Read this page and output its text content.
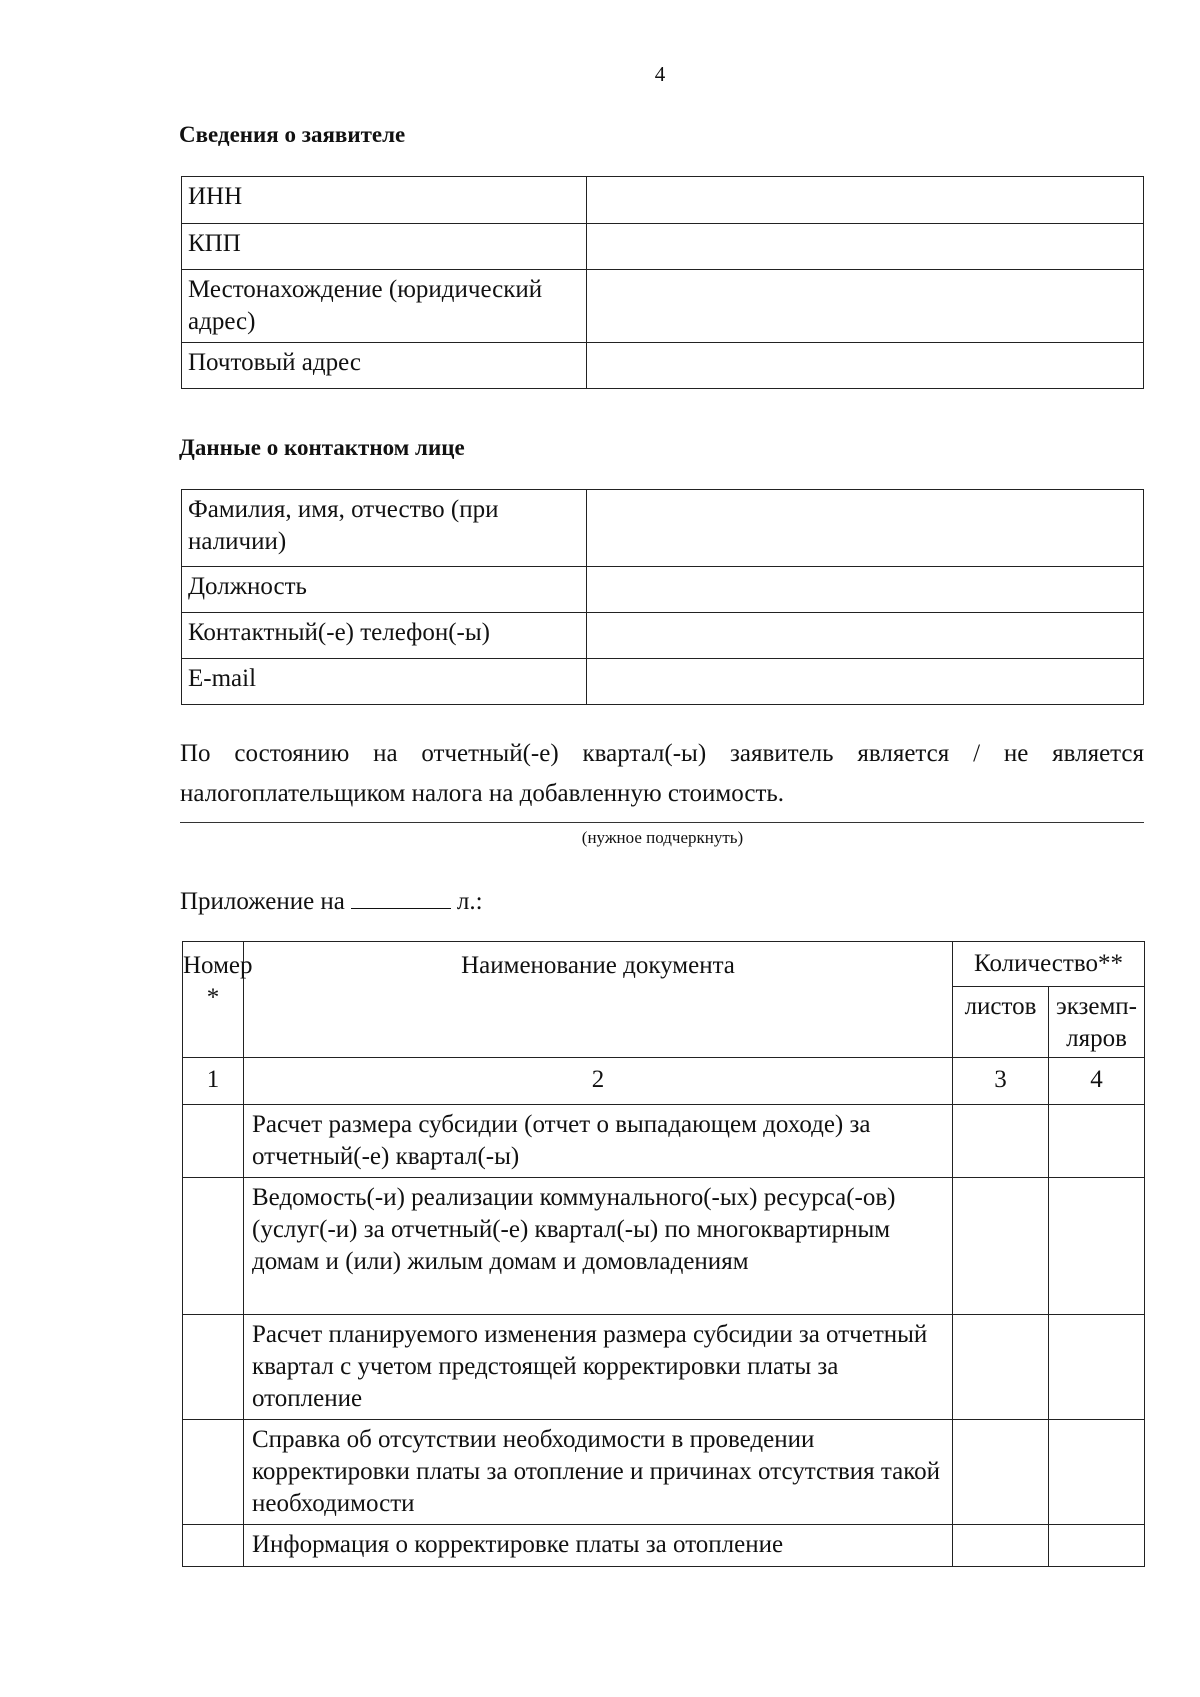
4
Сведения о заявителе
ИНН	
КПП	
Местонахождение (юридический адрес)	
Почтовый адрес	
Данные о контактном лице
Фамилия, имя, отчество (при наличии)	
Должность	
Контактный(-е) телефон(-ы)	
E-mail	
По состоянию на отчетный(-е) квартал(-ы) заявитель является / не является налогоплательщиком налога на добавленную стоимость.
(нужное подчеркнуть)
Приложение на	л.:
Номер *	Наименование документа	Количество**	
		листов	экземп-ляров
1	2	3	4
	Расчет размера субсидии (отчет о выпадающем доходе) за отчетный(-е) квартал(-ы)		
	Ведомость(-и) реализации коммунального(-ых) ресурса(-ов) (услуг(-и) за отчетный(-е) квартал(-ы) по многоквартирным домам и (или) жилым домам и домовладениям		
	Расчет планируемого изменения размера субсидии за отчетный квартал с учетом предстоящей корректировки платы за отопление		
	Справка об отсутствии необходимости в проведении корректировки платы за отопление и причинах отсутствия такой необходимости		
	Информация о корректировке платы за отопление		
